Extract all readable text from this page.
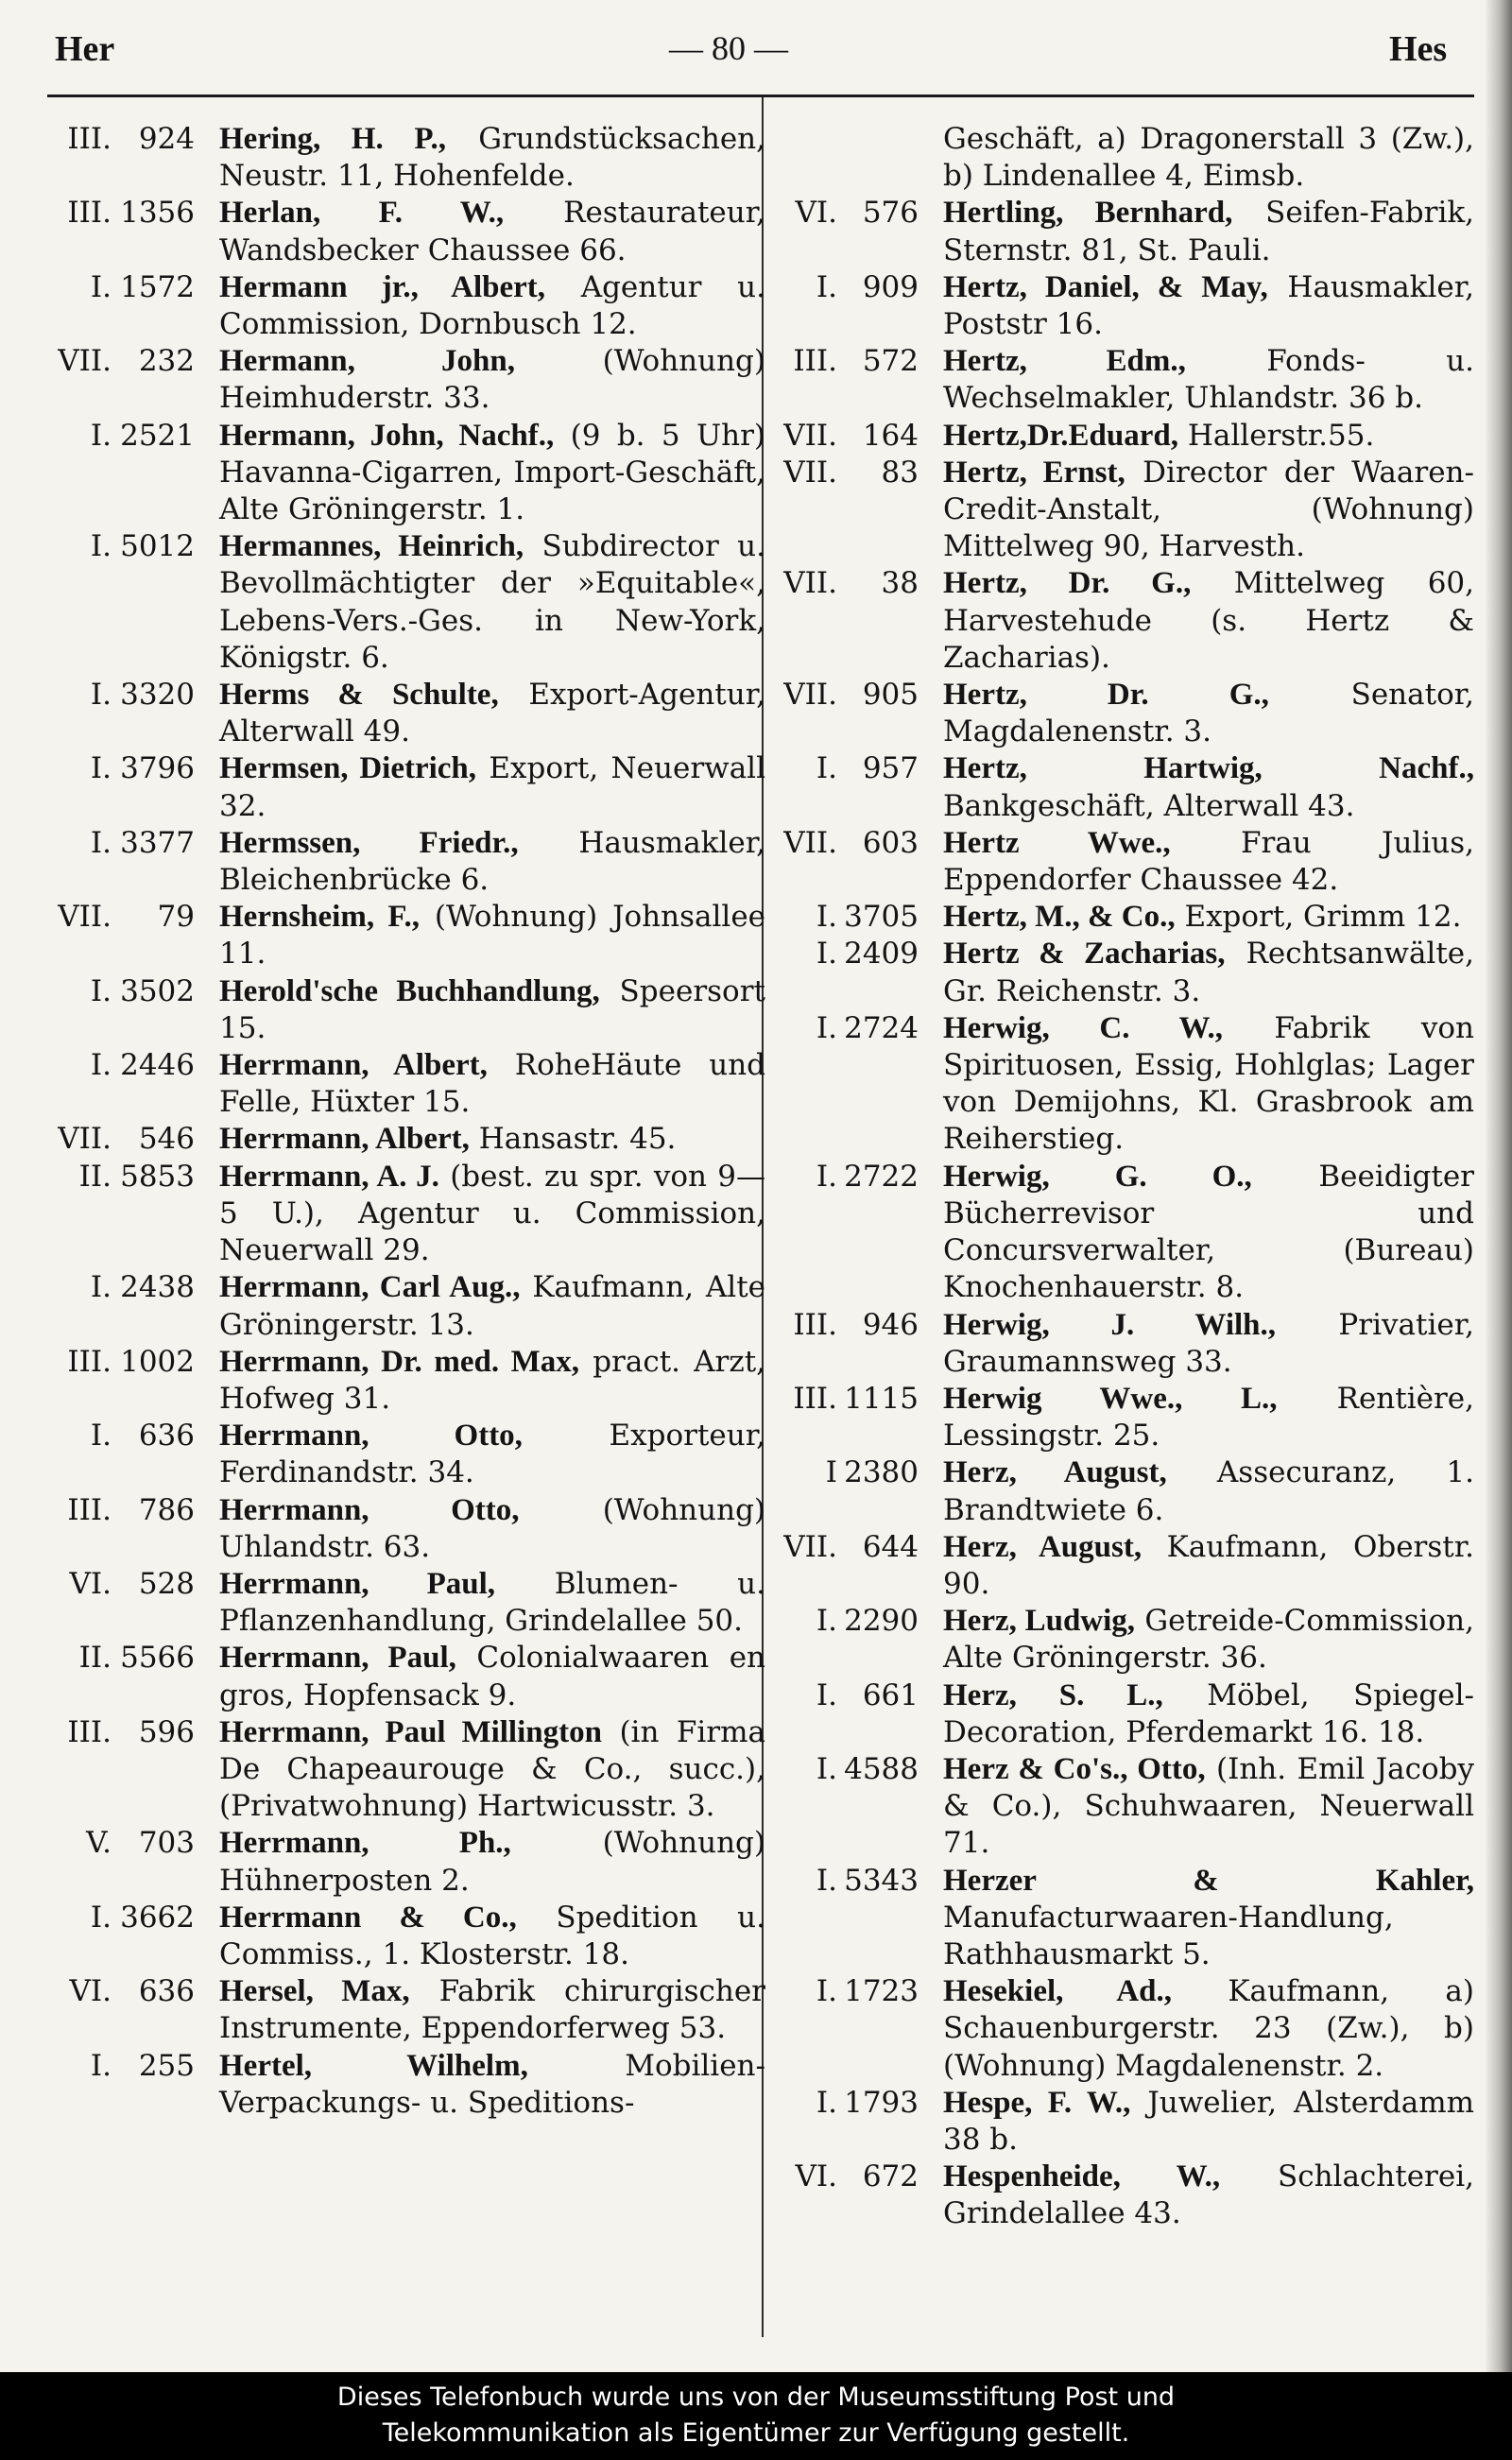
Her	— 80 —	Hes
III. 924 Hering, H. P., Grundstücksachen, Neustr. 11, Hohenfelde.
III. 1356 Herlan, F. W., Restaurateur, Wandsbecker Chaussee 66.
I. 1572 Hermann jr., Albert, Agentur u. Commission, Dornbusch 12.
VII. 232 Hermann, John,	(Wohnung) Heimhuderstr. 33.
I. 2521 Hermann, John, Nachf., (9 b. 5 Uhr) Havanna-Cigarren, Import-Geschäft, Alte Gröningerstr. 1.
I. 5012 Hermannes, Heinrich, Subdirector u. Bevollmächtigter der »Equitable«, Lebens-Vers.-Ges. in New-York, Königstr. 6.
I. 3320 Herms & Schulte, Export-Agentur, Alterwall 49.
I. 3796 Hermsen, Dietrich, Export, Neuerwall 32.
I. 3377 Hermssen, Friedr., Hausmakler, Bleichenbrücke 6.
VII.	79 Hernsheim, F., (Wohnung) Johnsallee 11.
I. 3502 Herold'sche Buchhandlung, Speersort 15.
I. 2446 Herrmann, Albert, RoheHäute und Felle, Hüxter 15.
VII. 546 Herrmann, Albert, Hansastr. 45.
II. 5853 Herrmann, A. J. (best. zu spr. von 9—5 U.), Agentur u. Commission, Neuerwall 29.
I. 2438 Herrmann, Carl Aug., Kaufmann, Alte Gröningerstr. 13.
III. 1002 Herrmann, Dr. med. Max, pract. Arzt, Hofweg 31.
I. 636 Herrmann, Otto,	Exporteur, Ferdinandstr. 34.
III. 786 Herrmann, Otto,	(Wohnung) Uhlandstr. 63.
VI. 528 Herrmann, Paul, Blumen- u. Pflanzenhandlung, Grindelallee 50.
II. 5566 Herrmann, Paul, Colonialwaaren en gros, Hopfensack 9.
III. 596 Herrmann, Paul Millington (in Firma De Chapeaurouge & Co., succ.), (Privatwohnung) Hartwicusstr. 3.
V. 703 Herrmann, Ph.,	(Wohnung) Hühnerposten 2.
I. 3662 Herrmann & Co., Spedition u. Commiss., 1. Klosterstr. 18.
VI. 636 Hersel, Max, Fabrik chirurgischer Instrumente, Eppendorferweg 53.
I. 255 Hertel, Wilhelm,	Mobilien-Verpackungs- u. Speditions-
Geschäft, a) Dragonerstall 3 (Zw.), b) Lindenallee 4, Eimsb.
VI. 576 Hertling, Bernhard, Seifen-Fabrik, Sternstr. 81, St. Pauli.
I. 909 Hertz, Daniel, & May, Hausmakler, Poststr 16.
III. 572 Hertz, Edm.,	Fonds- u. Wechselmakler, Uhlandstr. 36 b.
VII. 164 Hertz,Dr.Eduard, Hallerstr.55.
VII.	83 Hertz, Ernst, Director der Waaren-Credit-Anstalt, (Wohnung) Mittelweg 90, Harvesth.
VII.	38 Hertz, Dr. G., Mittelweg 60, Harvestehude (s. Hertz & Zacharias).
VII. 905 Hertz, Dr. G.,	Senator, Magdalenenstr. 3.
I. 957 Hertz, Hartwig, Nachf., Bankgeschäft, Alterwall 43.
VII. 603 Hertz Wwe., Frau Julius, Eppendorfer Chaussee 42.
I. 3705 Hertz, M., & Co., Export, Grimm 12.
I. 2409 Hertz & Zacharias, Rechtsanwälte, Gr. Reichenstr. 3.
I. 2724 Herwig, C. W., Fabrik von Spirituosen, Essig, Hohlglas; Lager von Demijohns, Kl. Grasbrook am Reiherstieg.
I. 2722 Herwig, G. O., Beeidigter Bücherrevisor und Concursverwalter, (Bureau) Knochenhauerstr. 8.
III. 946 Herwig, J. Wilh., Privatier, Graumannsweg 33.
III. 1115 Herwig Wwe., L., Rentière, Lessingstr. 25.
I 2380 Herz, August, Assecuranz, 1. Brandtwiete 6.
VII. 644 Herz, August, Kaufmann, Oberstr. 90.
I. 2290 Herz, Ludwig, Getreide-Commission, Alte Gröningerstr. 36.
I. 661 Herz, S. L., Möbel, Spiegel-Decoration, Pferdemarkt 16. 18.
I. 4588 Herz & Co's., Otto, (Inh. Emil Jacoby & Co.), Schuhwaaren, Neuerwall 71.
I. 5343 Herzer & Kahler, Manufacturwaaren-Handlung, Rathhausmarkt 5.
I. 1723 Hesekiel, Ad., Kaufmann, a) Schauenburgerstr. 23 (Zw.), b)(Wohnung) Magdalenenstr. 2.
I. 1793 Hespe, F. W., Juwelier, Alsterdamm 38 b.
VI. 672 Hespenheide, W., Schlachterei, Grindelallee 43.
Dieses Telefonbuch wurde uns von der Museumsstiftung Post und
Telekommunikation als Eigentümer zur Verfügung gestellt.
